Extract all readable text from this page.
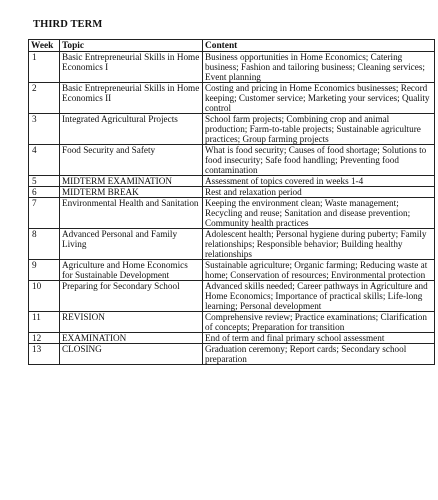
THIRD TERM
Week	Topic	Content
1	Basic Entrepreneurial Skills in Home Economics I	Business opportunities in Home Economics; Catering business; Fashion and tailoring business; Cleaning services; Event planning
2	Basic Entrepreneurial Skills in Home Economics II	Costing and pricing in Home Economics businesses; Record keeping; Customer service; Marketing your services; Quality control
3	Integrated Agricultural Projects	School farm projects; Combining crop and animal production; Farm-to-table projects; Sustainable agriculture practices; Group farming projects
4	Food Security and Safety	What is food security; Causes of food shortage; Solutions to food insecurity; Safe food handling; Preventing food contamination
5	MIDTERM EXAMINATION	Assessment of topics covered in weeks 1-4
6	MIDTERM BREAK	Rest and relaxation period
7	Environmental Health and Sanitation	Keeping the environment clean; Waste management; Recycling and reuse; Sanitation and disease prevention; Community health practices
8	Advanced Personal and Family Living	Adolescent health; Personal hygiene during puberty; Family relationships; Responsible behavior; Building healthy relationships
9	Agriculture and Home Economics for Sustainable Development	Sustainable agriculture; Organic farming; Reducing waste at home; Conservation of resources; Environmental protection
10	Preparing for Secondary School	Advanced skills needed; Career pathways in Agriculture and Home Economics; Importance of practical skills; Life-long learning; Personal development
11	REVISION	Comprehensive review; Practice examinations; Clarification of concepts; Preparation for transition
12	EXAMINATION	End of term and final primary school assessment
13	CLOSING	Graduation ceremony; Report cards; Secondary school preparation
